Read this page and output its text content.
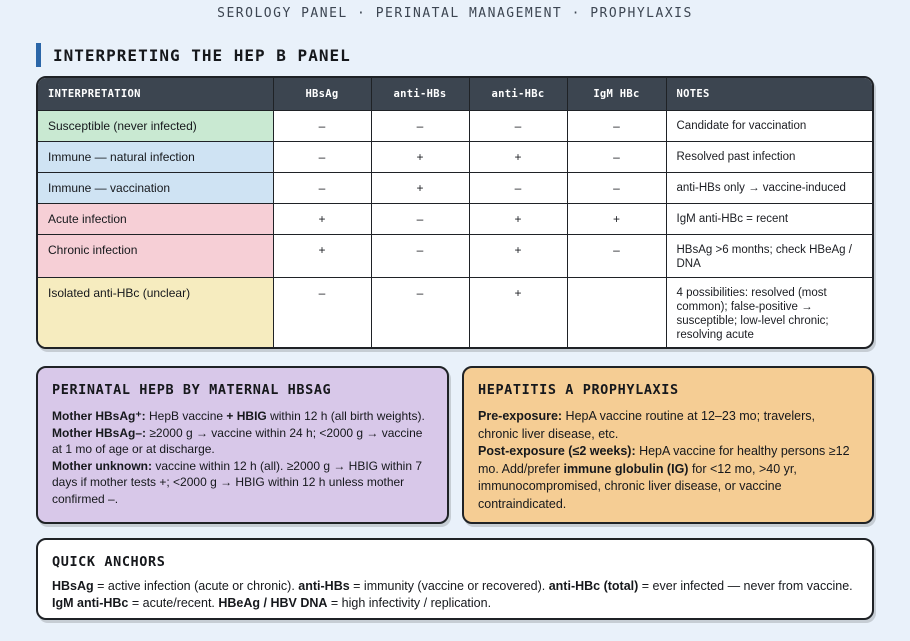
SEROLOGY PANEL · PERINATAL MANAGEMENT · PROPHYLAXIS
INTERPRETING THE HEP B PANEL
INTERPRETATION	HBsAg	anti-HBs	anti-HBc	IgM HBc	NOTES
Susceptible (never infected)	–	–	–	–	Candidate for vaccination
Immune — natural infection	–	+	+	–	Resolved past infection
Immune — vaccination	–	+	–	–	anti-HBs only → vaccine-induced
Acute infection	+	–	+	+	IgM anti-HBc = recent
Chronic infection	+	–	+	–	HBsAg >6 months; check HBeAg / DNA
Isolated anti-HBc (unclear)	–	–	+		4 possibilities: resolved (most common); false-positive → susceptible; low-level chronic; resolving acute
PERINATAL HEPB BY MATERNAL HBSAG

Mother HBsAg⁺: HepB vaccine + HBIG within 12 h (all birth weights).
Mother HBsAg–: ≥2000 g → vaccine within 24 h; <2000 g → vaccine at 1 mo of age or at discharge.
Mother unknown: vaccine within 12 h (all). ≥2000 g → HBIG within 7 days if mother tests +; <2000 g → HBIG within 12 h unless mother confirmed –.

HEPATITIS A PROPHYLAXIS

Pre-exposure: HepA vaccine routine at 12–23 mo; travelers, chronic liver disease, etc.
Post-exposure (≤2 weeks): HepA vaccine for healthy persons ≥12 mo. Add/prefer immune globulin (IG) for <12 mo, >40 yr, immunocompromised, chronic liver disease, or vaccine contraindicated.

QUICK ANCHORS

HBsAg = active infection (acute or chronic). anti-HBs = immunity (vaccine or recovered). anti-HBc (total) = ever infected — never from vaccine.
IgM anti-HBc = acute/recent. HBeAg / HBV DNA = high infectivity / replication.
